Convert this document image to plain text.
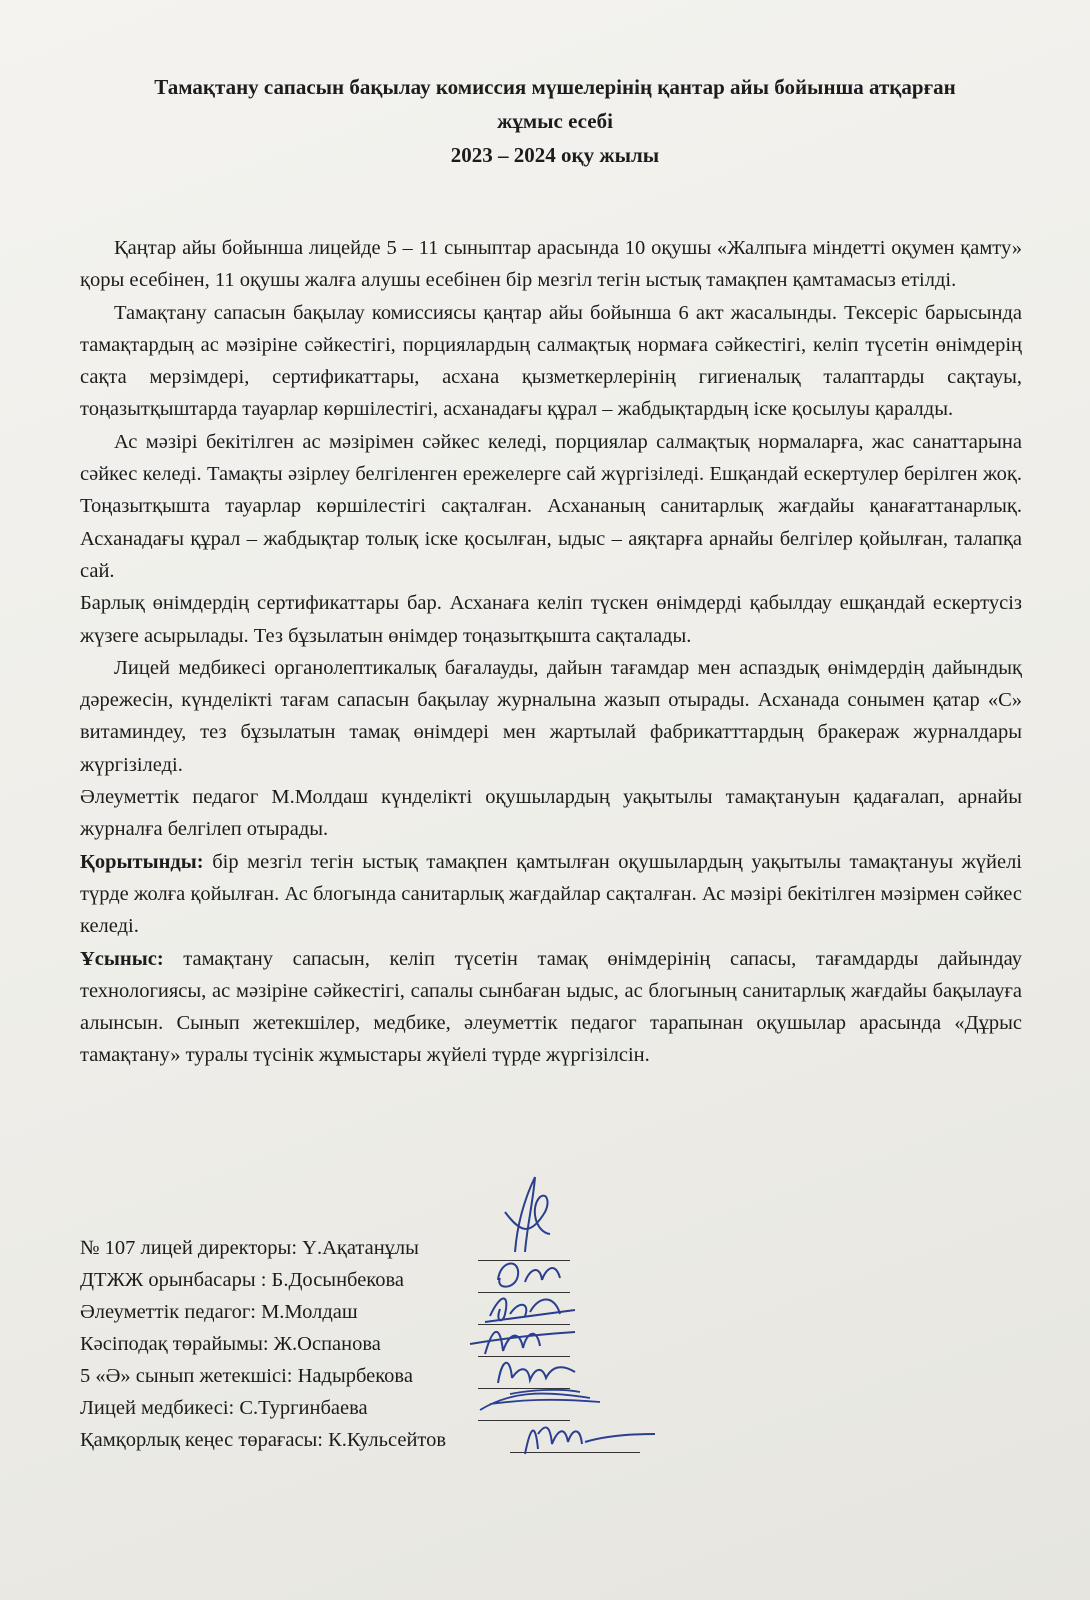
Тамақтану сапасын бақылау комиссия мүшелерінің қантар айы бойынша атқарған
жұмыс есебі
2023 – 2024 оқу жылы

Қаңтар айы бойынша лицейде 5 – 11 сыныптар арасында 10 оқушы «Жалпыға міндетті оқумен қамту» қоры есебінен, 11 оқушы жалға алушы есебінен бір мезгіл тегін ыстық тамақпен қамтамасыз етілді.

Тамақтану сапасын бақылау комиссиясы қаңтар айы бойынша 6 акт жасалынды. Тексеріс барысында тамақтардың ас мәзіріне сәйкестігі, порциялардың салмақтық нормаға сәйкестігі, келіп түсетін өнімдерің сақта мерзімдері, сертификаттары, асхана қызметкерлерінің гигиеналық талаптарды сақтауы, тоңазытқыштарда тауарлар көршілестігі, асханадағы құрал – жабдықтардың іске қосылуы қаралды.

Ас мәзірі бекітілген ас мәзірімен сәйкес келеді, порциялар салмақтық нормаларға, жас санаттарына сәйкес келеді. Тамақты әзірлеу белгіленген ережелерге сай жүргізіледі. Ешқандай ескертулер берілген жоқ. Тоңазытқышта тауарлар көршілестігі сақталған. Асхананың санитарлық жағдайы қанағаттанарлық. Асханадағы құрал – жабдықтар толық іске қосылған, ыдыс – аяқтарға арнайы белгілер қойылған, талапқа сай.

Барлық өнімдердің сертификаттары бар. Асханаға келіп түскен өнімдерді қабылдау ешқандай ескертусіз жүзеге асырылады. Тез бұзылатын өнімдер тоңазытқышта сақталады.

Лицей медбикесі органолептикалық бағалауды, дайын тағамдар мен аспаздық өнімдердің дайындық дәрежесін, күнделікті тағам сапасын бақылау журналына жазып отырады. Асханада сонымен қатар «С» витаминдеу, тез бұзылатын тамақ өнімдері мен жартылай фабрикатттардың бракераж журналдары жүргізіледі.

Әлеуметтік педагог М.Молдаш күнделікті оқушылардың уақытылы тамақтануын қадағалап, арнайы журналға белгілеп отырады.

Қорытынды: бір мезгіл тегін ыстық тамақпен қамтылған оқушылардың уақытылы тамақтануы жүйелі түрде жолға қойылған. Ас блогында санитарлық жағдайлар сақталған. Ас мәзірі бекітілген мәзірмен сәйкес келеді.

Ұсыныс: тамақтану сапасын, келіп түсетін тамақ өнімдерінің сапасы, тағамдарды дайындау технологиясы, ас мәзіріне сәйкестігі, сапалы сынбаған ыдыс, ас блогының санитарлық жағдайы бақылауға алынсын. Сынып жетекшілер, медбике, әлеуметтік педагог тарапынан оқушылар арасында «Дұрыс тамақтану» туралы түсінік жұмыстары жүйелі түрде жүргізілсін.

№ 107 лицей директоры: Ү.Ақатанұлы
ДТЖЖ орынбасары : Б.Досынбекова
Әлеуметтік педагог: М.Молдаш
Кәсіподақ төрайымы: Ж.Оспанова
5 «Ә» сынып жетекшісі: Надырбекова
Лицей медбикесі: С.Тургинбаева
Қамқорлық кеңес төрағасы: К.Кульсейтов
